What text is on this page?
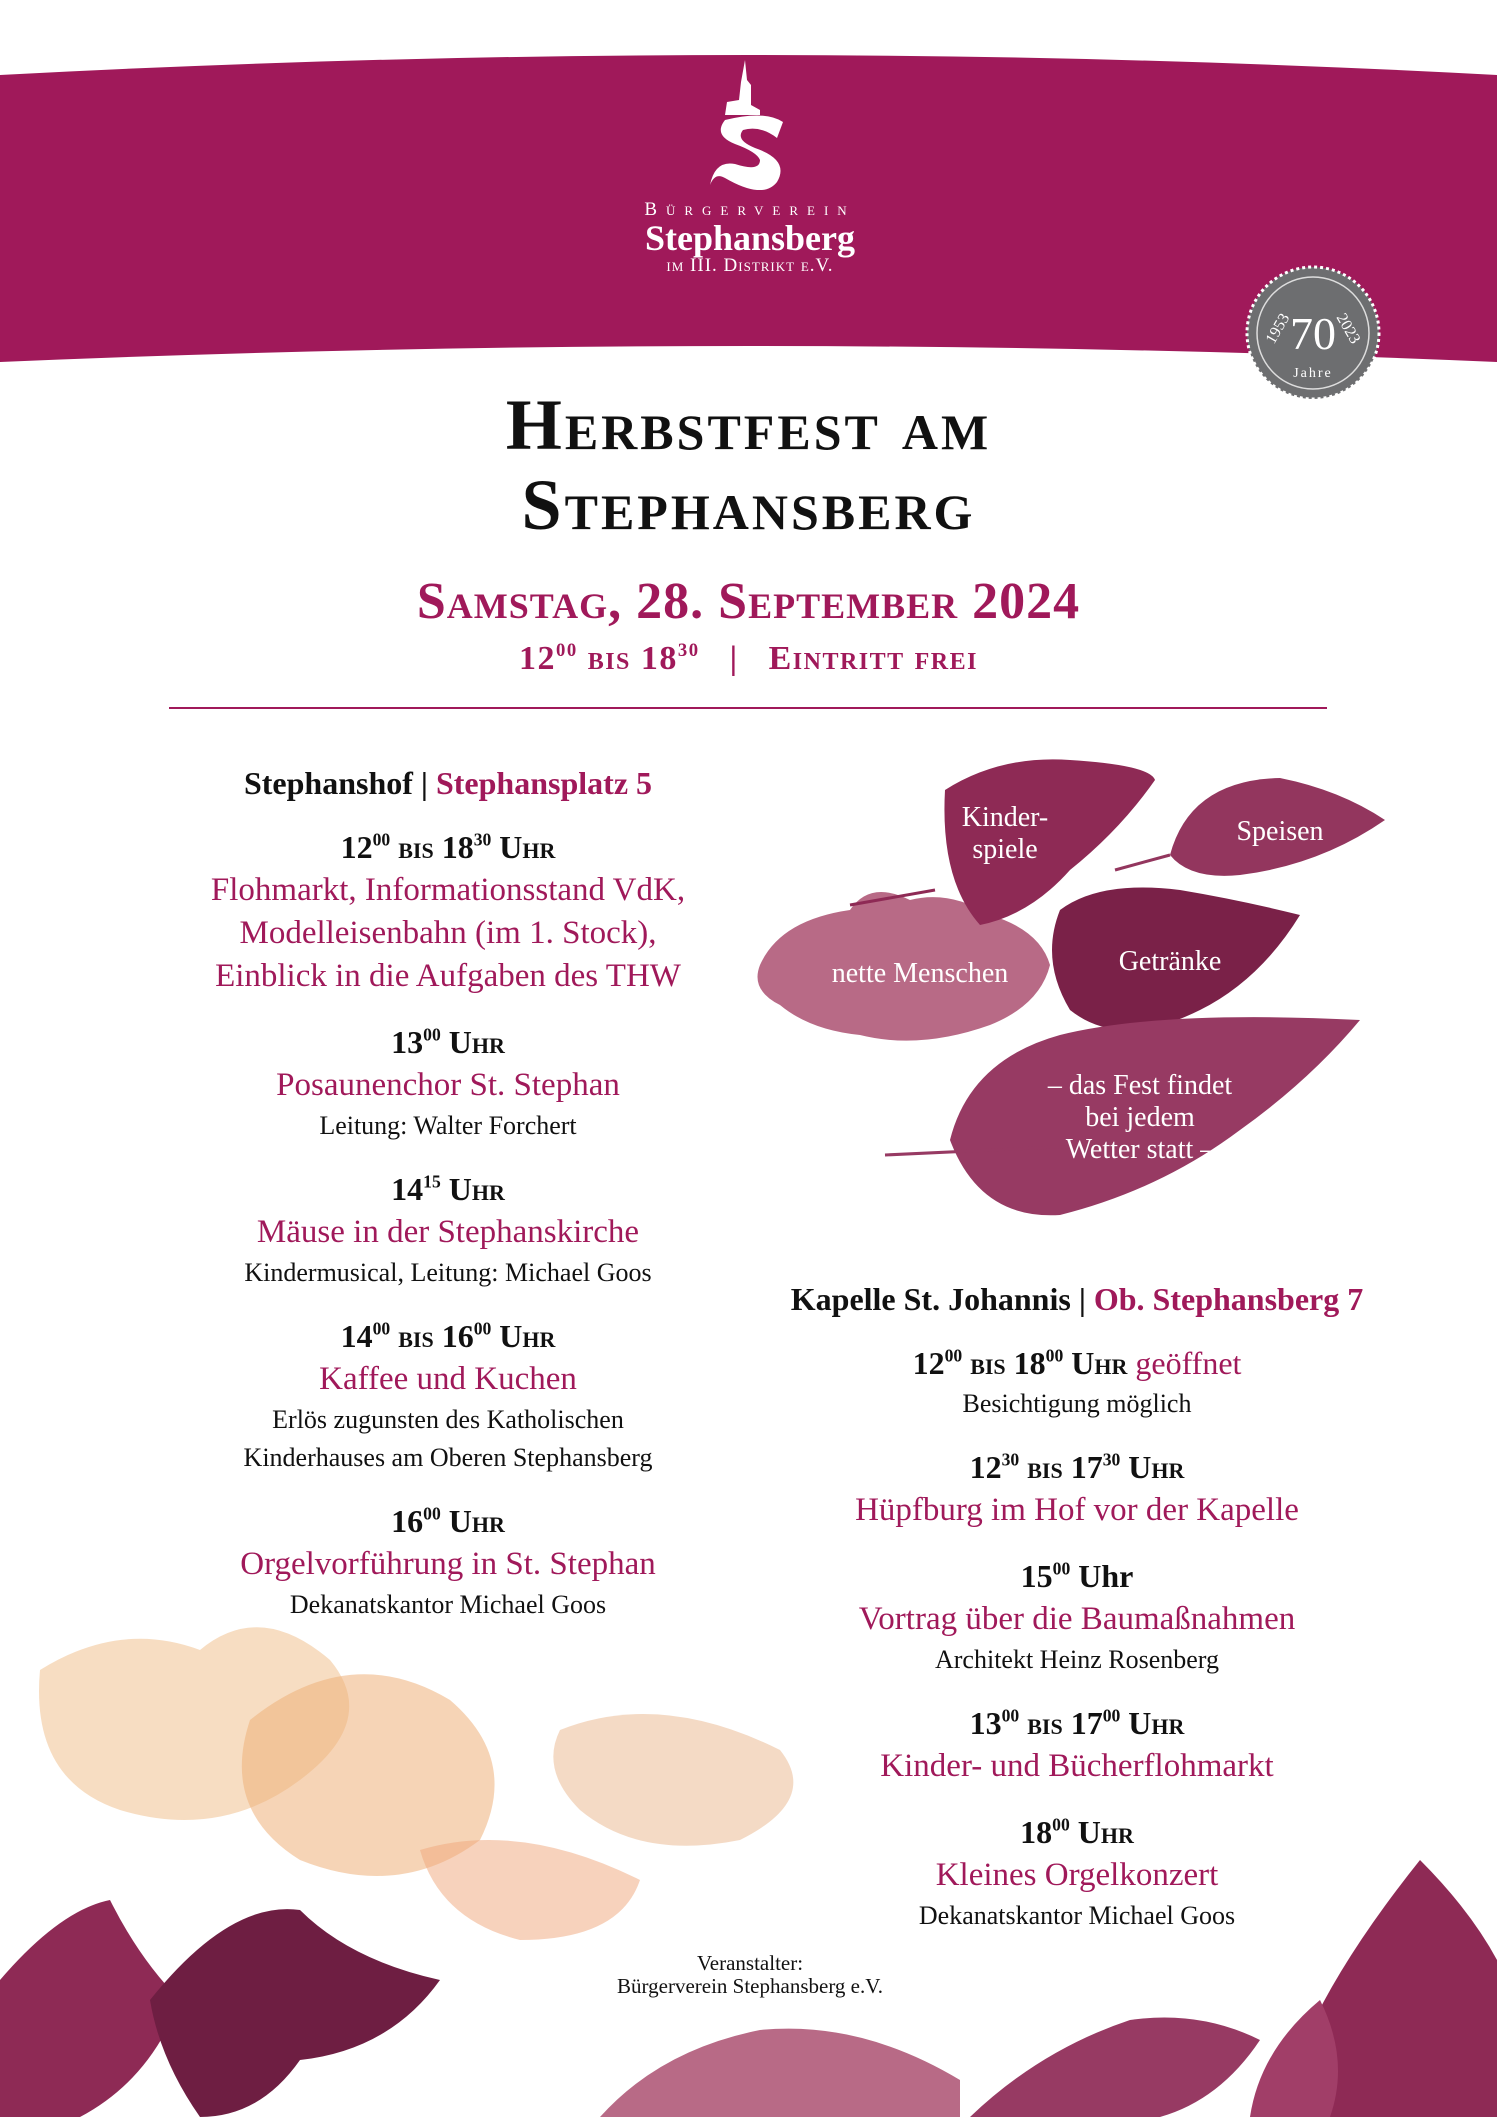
Bürgerverein
Stephansberg
im III. Distrikt e.V.
70
Jahre
1953 2023
Herbstfest am
Stephansberg
Samstag, 28. September 2024
$12^{00}$ bis $18^{30}$ | Eintritt frei
Stephanshof | Stephansplatz 5
$12^{00}$ bis $18^{30}$ Uhr
Flohmarkt, Informationsstand VdK,
Modelleisenbahn (im 1. Stock),
Einblick in die Aufgaben des THW
$13^{00}$ Uhr
Posaunenchor St. Stephan
Leitung: Walter Forchert
$14^{15}$ Uhr
Mäuse in der Stephanskirche
Kindermusical, Leitung: Michael Goos
$14^{00}$ bis $16^{00}$ Uhr
Kaffee und Kuchen
Erlös zugunsten des Katholischen
Kinderhauses am Oberen Stephansberg
$16^{00}$ Uhr
Orgelvorführung in St. Stephan
Dekanatskantor Michael Goos
Kinder-
spiele
Speisen
nette Menschen	Getränke
– das Fest findet
bei jedem
Wetter statt –
Kapelle St. Johannis | Ob. Stephansberg 7
$12^{00}$ bis $18^{00}$ Uhr geöffnet
Besichtigung möglich
$12^{30}$ bis $17^{30}$ Uhr
Hüpfburg im Hof vor der Kapelle
$15^{00}$ Uhr
Vortrag über die Baumaßnahmen
Architekt Heinz Rosenberg
$13^{00}$ bis $17^{00}$ Uhr
Kinder- und Bücherflohmarkt
$18^{00}$ Uhr
Kleines Orgelkonzert
Dekanatskantor Michael Goos
Veranstalter:
Bürgerverein Stephansberg e.V.
